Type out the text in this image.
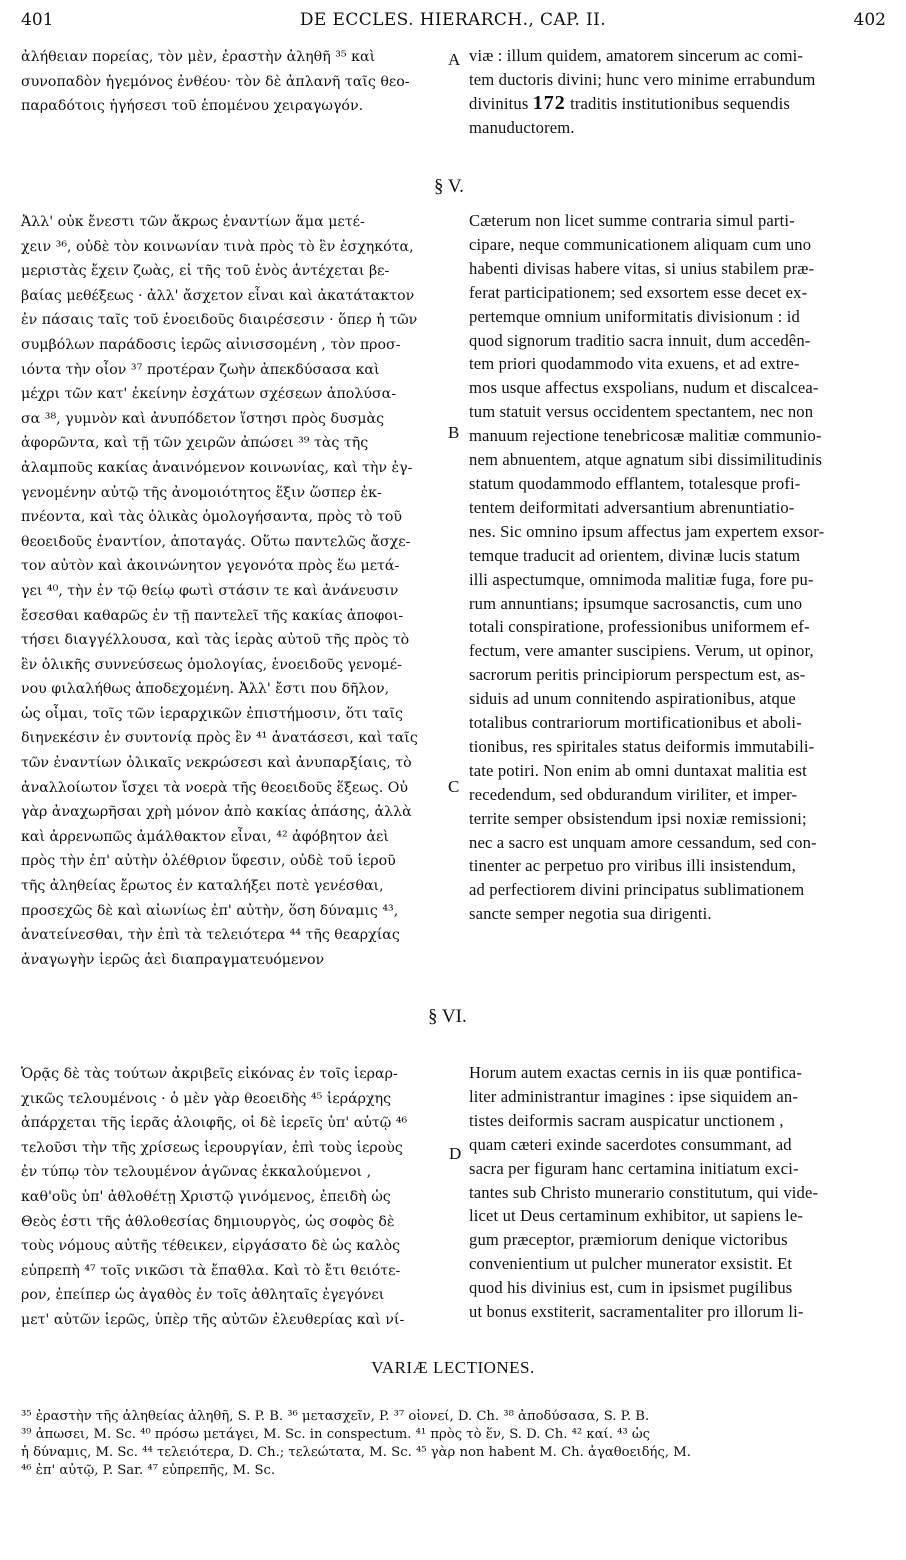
401	DE ECCLES. HIERARCH., CAP. II.	402
ἀλήθειαν πορείας, τὸν μὲν, ἐραστὴν ἀληθῆ ³⁵ καὶ
συνοπαδὸν ἡγεμόνος ἐνθέου· τὸν δὲ ἀπλανῆ ταῖς θεο-
παραδότοις ἡγήσεσι τοῦ ἑπομένου χειραγωγόν.
viæ : illum quidem, amatorem sincerum ac comi-
tem ductoris divini; hunc vero minime errabundum
divinitus 172 traditis institutionibus sequendis
manuductorem.
A
§ V.
Ἀλλ' οὐκ ἔνεστι τῶν ἄκρως ἐναντίων ἅμα μετέ-
χειν ³⁶, οὐδὲ τὸν κοινωνίαν τινὰ πρὸς τὸ ἓν ἐσχηκότα,
μεριστὰς ἔχειν ζωὰς, εἰ τῆς τοῦ ἑνὸς ἀντέχεται βε-
βαίας μεθέξεως · ἀλλ' ἄσχετον εἶναι καὶ ἀκατάτακτον
ἐν πάσαις ταῖς τοῦ ἑνοειδοῦς διαιρέσεσιν · ὅπερ ἡ τῶν
συμβόλων παράδοσις ἱερῶς αἰνισσομένη , τὸν προσ-
ιόντα τὴν οἷον ³⁷ προτέραν ζωὴν ἀπεκδύσασα καὶ
μέχρι τῶν κατ' ἐκείνην ἐσχάτων σχέσεων ἀπολύσα-
σα ³⁸, γυμνὸν καὶ ἀνυπόδετον ἵστησι πρὸς δυσμὰς
ἀφορῶντα, καὶ τῇ τῶν χειρῶν ἀπώσει ³⁹ τὰς τῆς
ἀλαμποῦς κακίας ἀναινόμενον κοινωνίας, καὶ τὴν ἐγ-
γενομένην αὐτῷ τῆς ἀνομοιότητος ἕξιν ὥσπερ ἐκ-
πνέοντα, καὶ τὰς ὁλικὰς ὁμολογήσαντα, πρὸς τὸ τοῦ
θεοειδοῦς ἐναντίον, ἀποταγάς. Οὕτω παντελῶς ἄσχε-
τον αὐτὸν καὶ ἀκοινώνητον γεγονότα πρὸς ἕω μετά-
γει ⁴⁰, τὴν ἐν τῷ θείῳ φωτὶ στάσιν τε καὶ ἀνάνευσιν
ἔσεσθαι καθαρῶς ἐν τῇ παντελεῖ τῆς κακίας ἀποφοι-
τήσει διαγγέλλουσα, καὶ τὰς ἱερὰς αὐτοῦ τῆς πρὸς τὸ
ἓν ὁλικῆς συννεύσεως ὁμολογίας, ἑνοειδοῦς γενομέ-
νου φιλαλήθως ἀποδεχομένη. Ἀλλ' ἔστι που δῆλον,
ὡς οἶμαι, τοῖς τῶν ἱεραρχικῶν ἐπιστήμοσιν, ὅτι ταῖς
διηνεκέσιν ἐν συντονίᾳ πρὸς ἓν ⁴¹ ἀνατάσεσι, καὶ ταῖς
τῶν ἐναντίων ὁλικαῖς νεκρώσεσι καὶ ἀνυπαρξίαις, τὸ
ἀναλλοίωτον ἴσχει τὰ νοερὰ τῆς θεοειδοῦς ἕξεως. Οὐ
γὰρ ἀναχωρῆσαι χρὴ μόνον ἀπὸ κακίας ἁπάσης, ἀλλὰ
καὶ ἀρρενωπῶς ἀμάλθακτον εἶναι, ⁴² ἀφόβητον ἀεὶ
πρὸς τὴν ἐπ' αὐτὴν ὀλέθριον ὕφεσιν, οὐδὲ τοῦ ἱεροῦ
τῆς ἀληθείας ἔρωτος ἐν καταλήξει ποτὲ γενέσθαι,
προσεχῶς δὲ καὶ αἰωνίως ἐπ' αὐτὴν, ὅση δύναμις ⁴³,
ἀνατείνεσθαι, τὴν ἐπὶ τὰ τελειότερα ⁴⁴ τῆς θεαρχίας
ἀναγωγὴν ἱερῶς ἀεὶ διαπραγματευόμενον
Cæterum non licet summe contraria simul parti-
cipare, neque communicationem aliquam cum uno
habenti divisas habere vitas, si unius stabilem præ-
ferat participationem; sed exsortem esse decet ex-
pertemque omnium uniformitatis divisionum : id
quod signorum traditio sacra innuit, dum accedên-
tem priori quodammodo vita exuens, et ad extre-
mos usque affectus exspolians, nudum et discalcea-
tum statuit versus occidentem spectantem, nec non
manuum rejectione tenebricosæ malitiæ communio-
nem abnuentem, atque agnatum sibi dissimilitudinis
statum quodammodo efflantem, totalesque profi-
tentem deiformitati adversantium abrenuntiatio-
nes. Sic omnino ipsum affectus jam expertem exsor-
temque traducit ad orientem, divinæ lucis statum
illi aspectumque, omnimoda malitiæ fuga, fore pu-
rum annuntians; ipsumque sacrosanctis, cum uno
totali conspiratione, professionibus uniformem ef-
fectum, vere amanter suscipiens. Verum, ut opinor,
sacrorum peritis principiorum perspectum est, as-
siduis ad unum connitendo aspirationibus, atque
totalibus contrariorum mortificationibus et aboli-
tionibus, res spiritales status deiformis immutabili-
tate potiri. Non enim ab omni duntaxat malitia est
recedendum, sed obdurandum viriliter, et imper-
territe semper obsistendum ipsi noxiæ remissioni;
nec a sacro est unquam amore cessandum, sed con-
tinenter ac perpetuo pro viribus illi insistendum,
ad perfectiorem divini principatus sublimationem
sancte semper negotia sua dirigenti.
B
C
§ VI.
Ὁρᾷς δὲ τὰς τούτων ἀκριβεῖς εἰκόνας ἐν τοῖς ἱεραρ-
χικῶς τελουμένοις · ὁ μὲν γὰρ θεοειδὴς ⁴⁵ ἱεράρχης
ἀπάρχεται τῆς ἱερᾶς ἀλοιφῆς, οἱ δὲ ἱερεῖς ὑπ' αὐτῷ ⁴⁶
τελοῦσι τὴν τῆς χρίσεως ἱερουργίαν, ἐπὶ τοὺς ἱεροὺς
ἐν τύπῳ τὸν τελουμένον ἀγῶνας ἐκκαλούμενοι ,
καθ'οὓς ὑπ' ἀθλοθέτῃ Χριστῷ γινόμενος, ἐπειδὴ ὡς
Θεὸς ἐστι τῆς ἀθλοθεσίας δημιουργὸς, ὡς σοφὸς δὲ
τοὺς νόμους αὐτῆς τέθεικεν, εἰργάσατο δὲ ὡς καλὸς
εὐπρεπὴ ⁴⁷ τοῖς νικῶσι τὰ ἔπαθλα. Καὶ τὸ ἔτι θειότε-
ρον, ἐπείπερ ὡς ἀγαθὸς ἐν τοῖς ἀθληταῖς ἐγεγόνει
μετ' αὐτῶν ἱερῶς, ὑπὲρ τῆς αὐτῶν ἐλευθερίας καὶ νί-
Horum autem exactas cernis in iis quæ pontifica-
liter administrantur imagines : ipse siquidem an-
tistes deiformis sacram auspicatur unctionem ,
quam cæteri exinde sacerdotes consummant, ad
sacra per figuram hanc certamina initiatum exci-
tantes sub Christo munerario constitutum, qui vide-
licet ut Deus certaminum exhibitor, ut sapiens le-
gum præceptor, præmiorum denique victoribus
convenientium ut pulcher munerator exsistit. Et
quod his divinius est, cum in ipsismet pugilibus
ut bonus exstiterit, sacramentaliter pro illorum li-
D
VARIÆ LECTIONES.
³⁵ ἐραστὴν τῆς ἀληθείας ἀληθῆ, S. P. B. ³⁶ μετασχεῖν, P. ³⁷ οἱονεί, D. Ch. ³⁸ ἀποδύσασα, S. P. B.
³⁹ ἀπωσει, M. Sc. ⁴⁰ πρόσω μετάγει, M. Sc. in conspectum. ⁴¹ πρὸς τὸ ἕν, S. D. Ch. ⁴² καί. ⁴³ ὡς
ἡ δύναμις, M. Sc. ⁴⁴ τελειότερα, D. Ch.; τελεώτατα, M. Sc. ⁴⁵ γὰρ non habent M. Ch. ἀγαθοειδής, M.
⁴⁶ ἐπ' αὐτῷ, P. Sar. ⁴⁷ εὐπρεπῆς, M. Sc.
